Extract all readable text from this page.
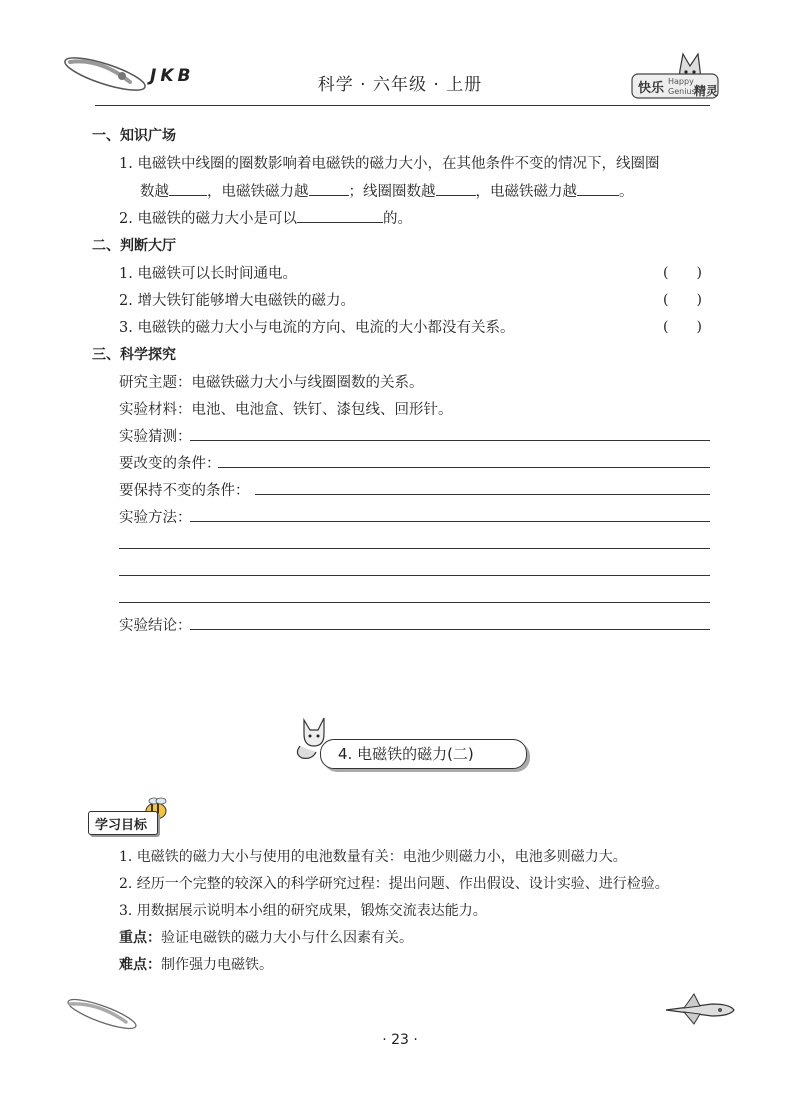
JKB	科学 · 六年级 · 上册	快乐 Happy
Genius
精灵
一、知识广场
1. 电磁铁中线圈的圈数影响着电磁铁的磁力大小，在其他条件不变的情况下，线圈圈
数越	，电磁铁磁力越	；线圈圈数越	，电磁铁磁力越	。
2. 电磁铁的磁力大小是可以	的。
二、判断大厅
1. 电磁铁可以长时间通电。	(　　)
2. 增大铁钉能够增大电磁铁的磁力。	(　　)
3. 电磁铁的磁力大小与电流的方向、电流的大小都没有关系。	(　　)
三、科学探究
研究主题：电磁铁磁力大小与线圈圈数的关系。
实验材料：电池、电池盒、铁钉、漆包线、回形针。
实验猜测：
要改变的条件：
要保持不变的条件：
实验方法：
实验结论：
4. 电磁铁的磁力(二)
学习目标
1. 电磁铁的磁力大小与使用的电池数量有关：电池少则磁力小，电池多则磁力大。
2. 经历一个完整的较深入的科学研究过程：提出问题、作出假设、设计实验、进行检验。
3. 用数据展示说明本小组的研究成果，锻炼交流表达能力。
重点：验证电磁铁的磁力大小与什么因素有关。
难点：制作强力电磁铁。
· 23 ·
